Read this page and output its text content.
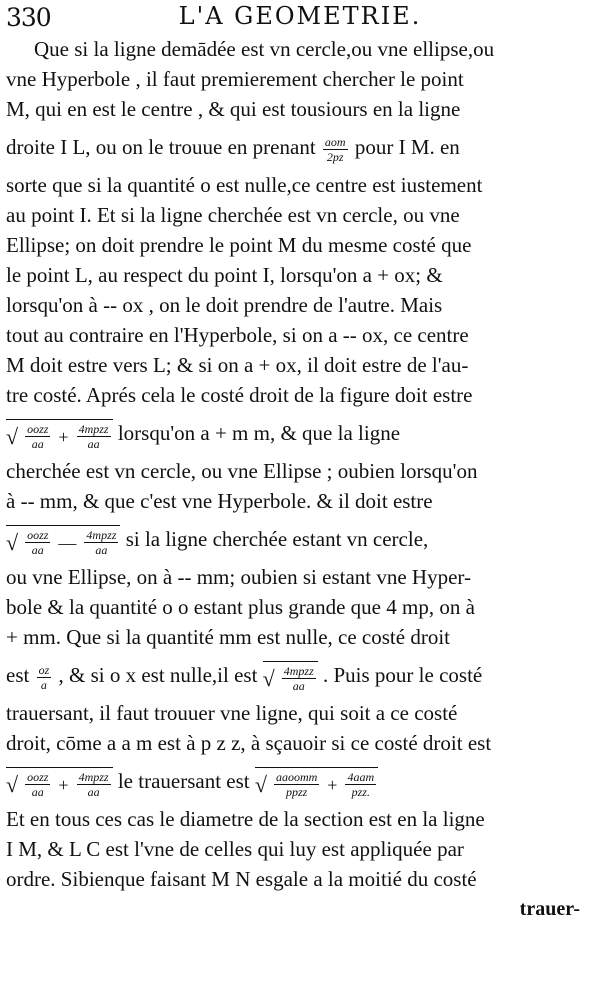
330	L'A GEOMETRIE.
Que si la ligne demādée est vn cercle,ou vne ellipse,ou
vne Hyperbole , il faut premierement chercher le point
M, qui en est le centre , & qui est tousiours en la ligne
droite I L, ou on le trouue en prenant $\frac{\text{aom}}{2pz}$ pour I M. en
sorte que si la quantité o est nulle,ce centre est iustement
au point I. Et si la ligne cherchée est vn cercle, ou vne
Ellipse; on doit prendre le point M du mesme costé que
le point L, au respect du point I, lorsqu'on a + ox; &
lorsqu'on à -- ox , on le doit prendre de l'autre. Mais
tout au contraire en l'Hyperbole, si on a -- ox, ce centre
M doit estre vers L; & si on a + ox, il doit estre de l'au-
tre costé. Aprés cela le costé droit de la figure doit estre
√ $\frac{\text{oozz}}{aa} + \frac{\text{4mpzz}}{aa}$ lorsqu'on a + m m, & que la ligne
cherchée est vn cercle, ou vne Ellipse ; oubien lorsqu'on
à -- mm, & que c'est vne Hyperbole. & il doit estre
√ $\frac{\text{oozz}}{aa}$ — $\frac{\text{4mpzz}}{aa}$ si la ligne cherchée estant vn cercle,
ou vne Ellipse, on à -- mm; oubien si estant vne Hyper-
bole & la quantité o o estant plus grande que 4 mp, on à
+ mm. Que si la quantité mm est nulle, ce costé droit
est $\frac{oz}{a}$ , & si o x est nulle,il est √ $\frac{\text{4mpzz}}{aa}$ . Puis pour le costé
trauersant, il faut trouuer vne ligne, qui soit a ce costé
droit, cōme a a m est à p z z, à sçauoir si ce costé droit est
√ $\frac{\text{oozz}}{aa} + \frac{\text{4mpzz}}{aa}$ le trauersant est √ $\frac{\text{aaoomm}}{\text{ppzz}} + \frac{\text{4aam}}{\text{pzz.}}$
Et en tous ces cas le diametre de la section est en la ligne
I M, & L C est l'vne de celles qui luy est appliquée par
ordre. Sibienque faisant M N esgale a la moitié du costé
trauer-
